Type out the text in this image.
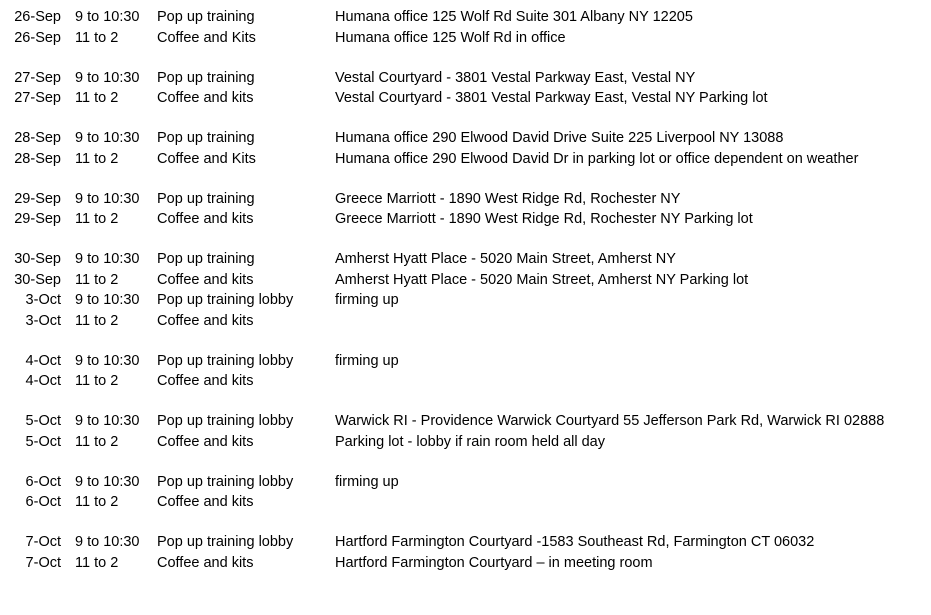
26-Sep 9 to 10:30 Pop up training	Humana office 125 Wolf Rd Suite 301 Albany NY 12205
26-Sep 11 to 2	Coffee and Kits	Humana office 125 Wolf Rd in office
27-Sep 9 to 10:30 Pop up training	Vestal Courtyard - 3801 Vestal Parkway East, Vestal NY
27-Sep 11 to 2	Coffee and kits	Vestal Courtyard - 3801 Vestal Parkway East, Vestal NY Parking lot
28-Sep 9 to 10:30 Pop up training	Humana office 290 Elwood David Drive Suite 225 Liverpool NY 13088
28-Sep 11 to 2	Coffee and Kits	Humana office 290 Elwood David Dr in parking lot or office dependent on weather
29-Sep 9 to 10:30 Pop up training	Greece Marriott - 1890 West Ridge Rd, Rochester NY
29-Sep 11 to 2	Coffee and kits	Greece Marriott - 1890 West Ridge Rd, Rochester NY Parking lot
30-Sep 9 to 10:30 Pop up training	Amherst Hyatt Place - 5020 Main Street, Amherst NY
30-Sep 11 to 2	Coffee and kits	Amherst Hyatt Place - 5020 Main Street, Amherst NY Parking lot
3-Oct 9 to 10:30 Pop up training lobby	firming up
3-Oct 11 to 2	Coffee and kits
4-Oct 9 to 10:30 Pop up training lobby	firming up
4-Oct 11 to 2	Coffee and kits
5-Oct 9 to 10:30 Pop up training lobby	Warwick RI - Providence Warwick Courtyard 55 Jefferson Park Rd, Warwick RI 02888
5-Oct 11 to 2	Coffee and kits	Parking lot - lobby if rain room held all day
6-Oct 9 to 10:30 Pop up training lobby	firming up
6-Oct 11 to 2	Coffee and kits
7-Oct 9 to 10:30 Pop up training lobby	Hartford Farmington Courtyard -1583 Southeast Rd, Farmington CT 06032
7-Oct 11 to 2	Coffee and kits	Hartford Farmington Courtyard – in meeting room
